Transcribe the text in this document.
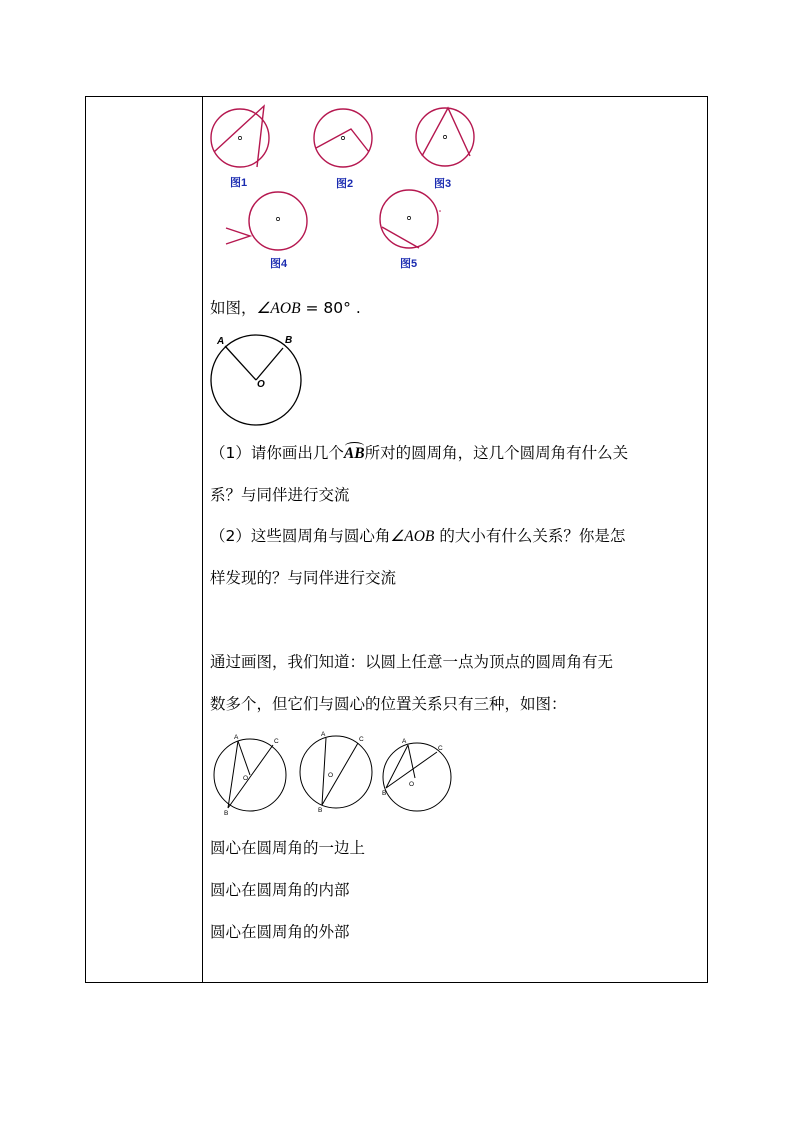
图1	图2	图3
图4	图5
如图，∠AOB = 80° .
A	B
O
（1）请你画出几个AB所对的圆周角，这几个圆周角有什么关
系？与同伴进行交流
（2）这些圆周角与圆心角∠AOB 的大小有什么关系？你是怎
样发现的？与同伴进行交流
通过画图，我们知道：以圆上任意一点为顶点的圆周角有无
数多个，但它们与圆心的位置关系只有三种，如图：
A
B
C
O
A
B
C
O
A
B
C
O
圆心在圆周角的一边上
圆心在圆周角的内部
圆心在圆周角的外部
